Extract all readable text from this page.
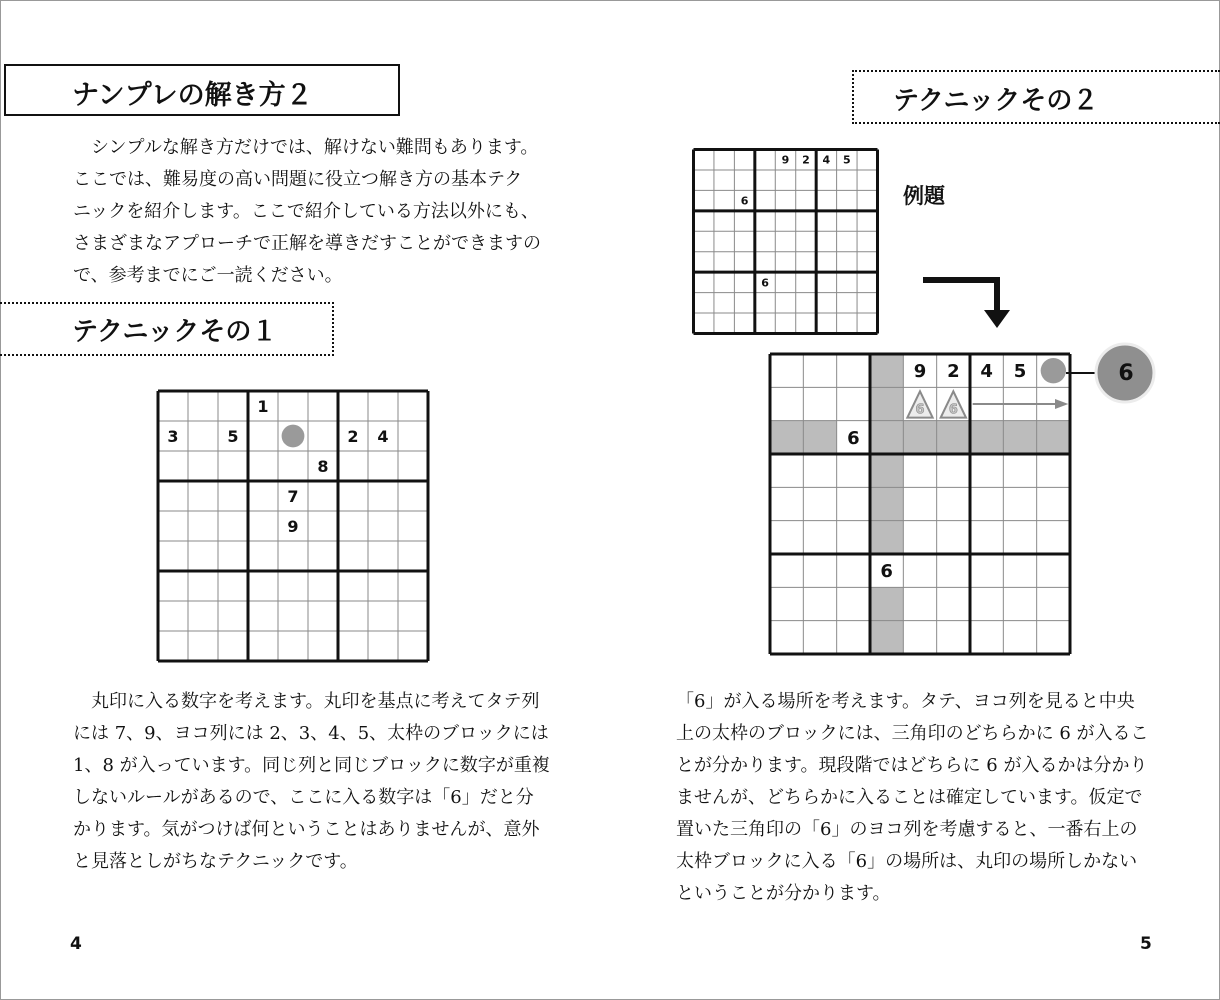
ナンプレの解き方２
　シンプルな解き方だけでは、解けない難問もあります。
ここでは、難易度の高い問題に役立つ解き方の基本テク
ニックを紹介します。ここで紹介している方法以外にも、
さまざまなアプローチで正解を導きだすことができますの
で、参考までにご一読ください。
テクニックその１
1
3	5	2 4
8
7
9
　丸印に入る数字を考えます。丸印を基点に考えてタテ列
には 7、9、ヨコ列には 2、3、4、5、太枠のブロックには
1、8 が入っています。同じ列と同じブロックに数字が重複
しないルールがあるので、ここに入る数字は「6」だと分
かります。気がつけば何ということはありませんが、意外
と見落としがちなテクニックです。
4
テクニックその２
9 2 4 5
6
6
例題
9 2 4 5
6
6
6 6
6
「6」が入る場所を考えます。タテ、ヨコ列を見ると中央
上の太枠のブロックには、三角印のどちらかに 6 が入るこ
とが分かります。現段階ではどちらに 6 が入るかは分かり
ませんが、どちらかに入ることは確定しています。仮定で
置いた三角印の「6」のヨコ列を考慮すると、一番右上の
太枠ブロックに入る「6」の場所は、丸印の場所しかない
ということが分かります。
5
